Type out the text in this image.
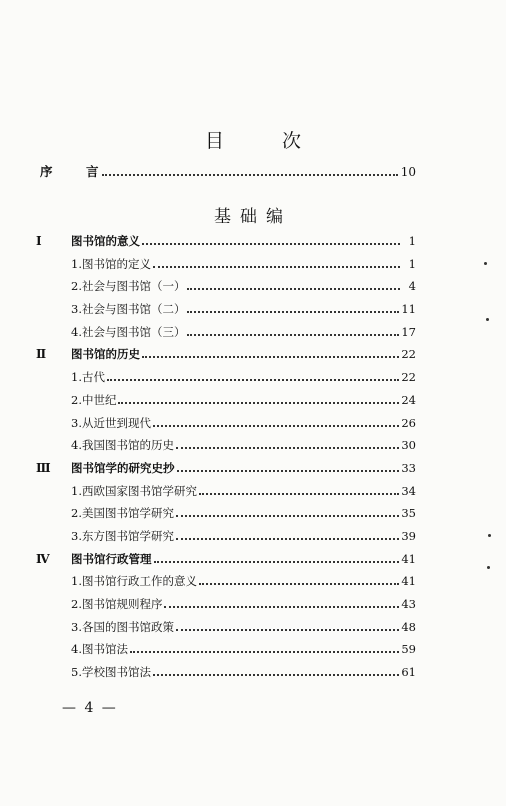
目	次
序	言	10
基础编
Ⅰ	图书馆的意义	1
1.图书馆的定义	1
2.社会与图书馆（一）	4
3.社会与图书馆（二）	11
4.社会与图书馆（三）	17
Ⅱ	图书馆的历史	22
1.古代	22
2.中世纪	24
3.从近世到现代	26
4.我国图书馆的历史	30
Ⅲ	图书馆学的研究史抄	33
1.西欧国家图书馆学研究	34
2.美国图书馆学研究	35
3.东方图书馆学研究	39
Ⅳ	图书馆行政管理	41
1.图书馆行政工作的意义	41
2.图书馆规则程序	43
3.各国的图书馆政策	48
4.图书馆法	59
5.学校图书馆法	61
— 4 —
